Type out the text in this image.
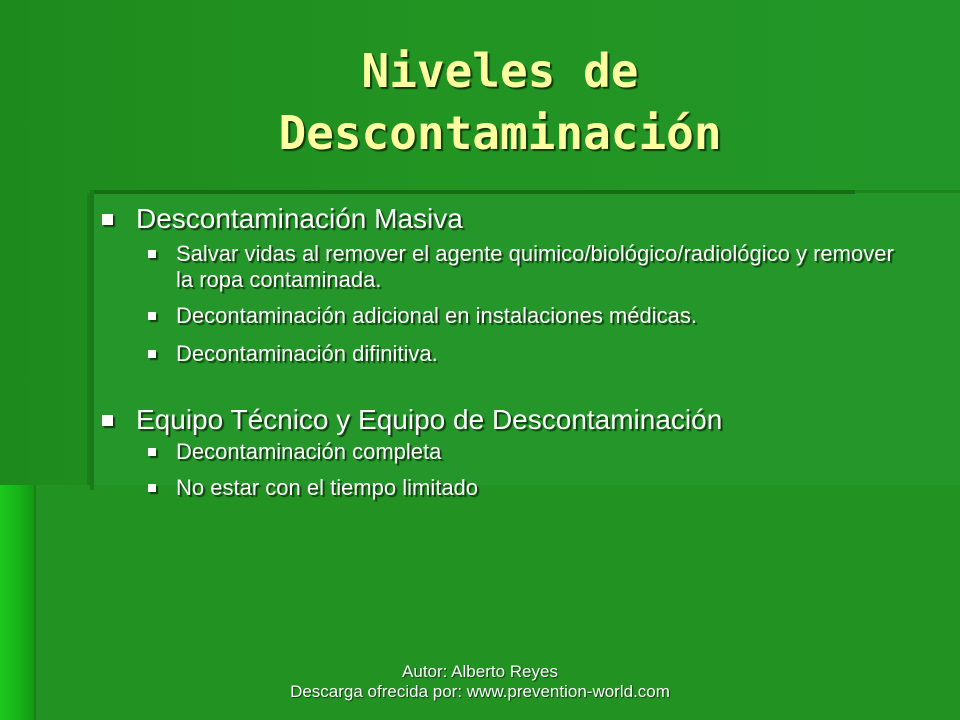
Niveles de
Descontaminación

Descontaminación Masiva

Salvar vidas al remover el agente quimico/biológico/radiológico y remover la ropa contaminada.

Decontaminación adicional en instalaciones médicas.

Decontaminación difinitiva.

Equipo Técnico y Equipo de Descontaminación

Decontaminación completa

No estar con el tiempo limitado

Autor: Alberto Reyes
Descarga ofrecida por: www.prevention-world.com
